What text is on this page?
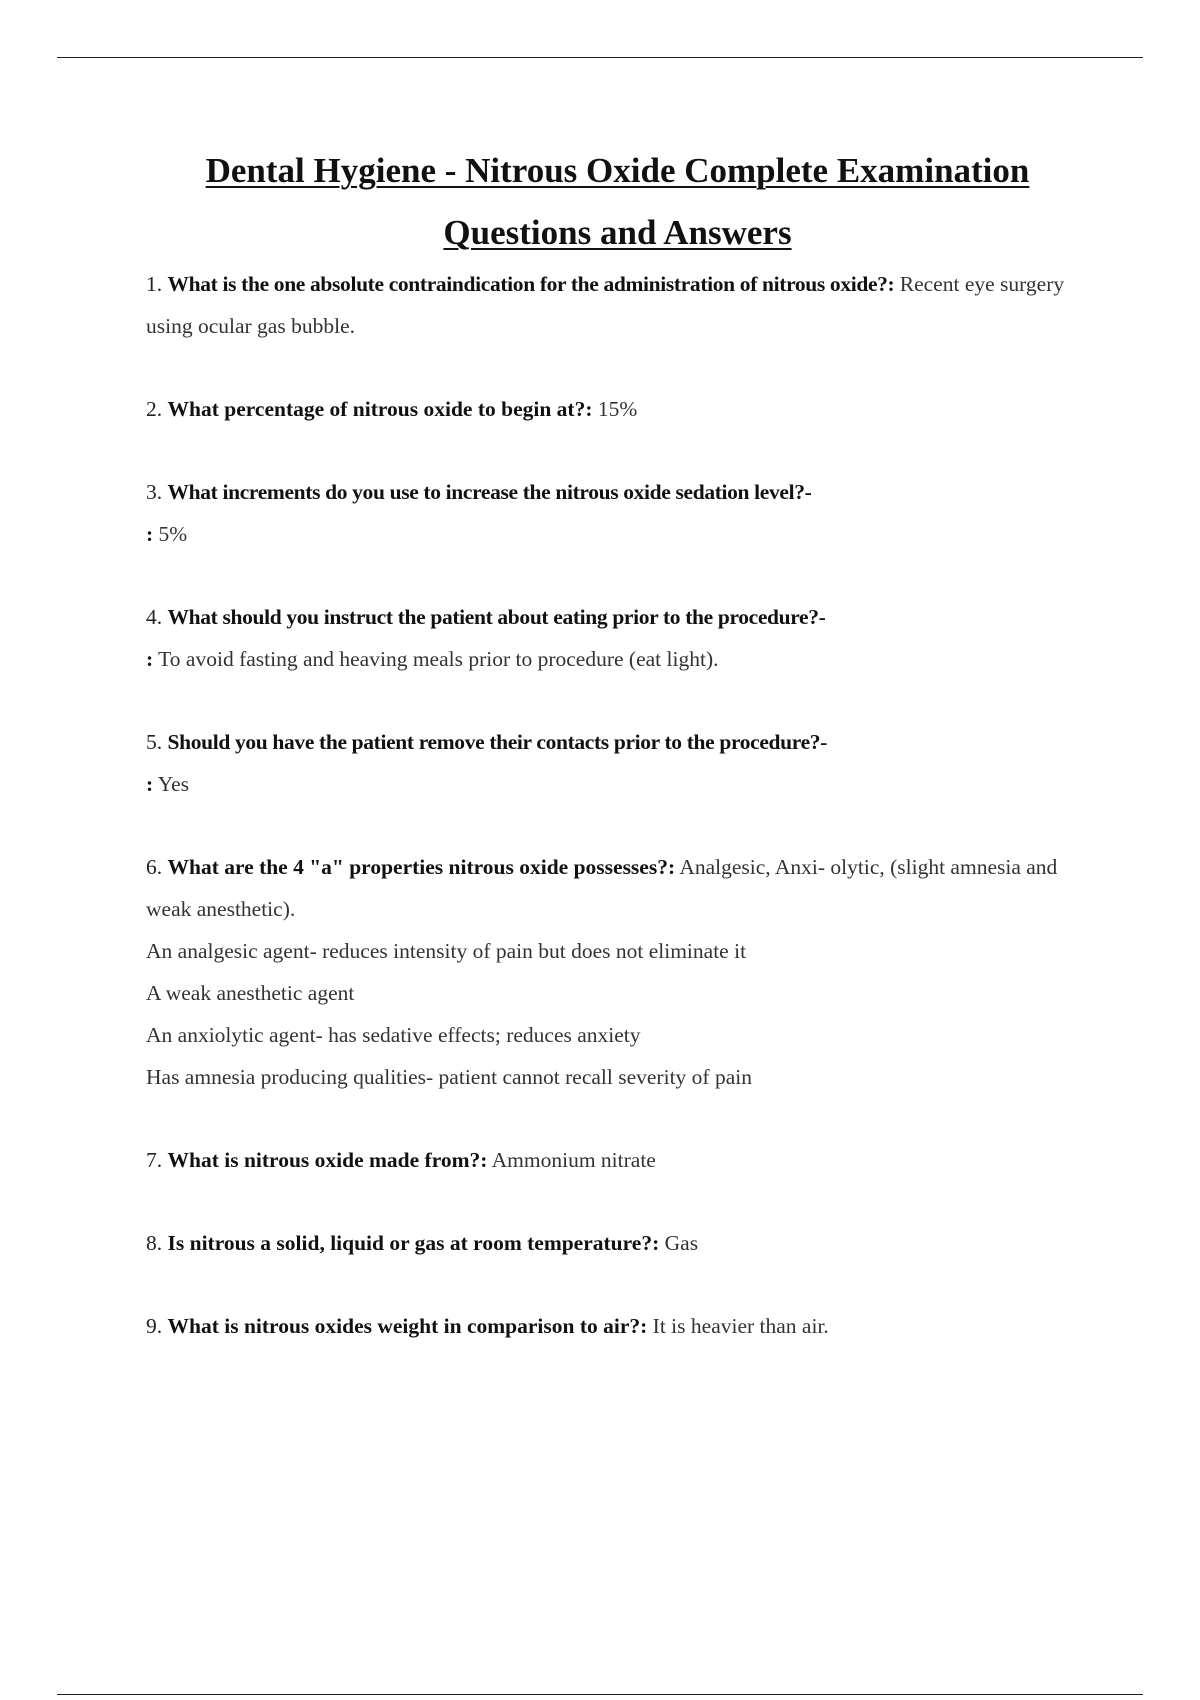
Dental Hygiene - Nitrous Oxide Complete Examination
Questions and Answers
1. What is the one absolute contraindication for the administration of nitrous oxide?: Recent eye surgery using ocular gas bubble.
2. What percentage of nitrous oxide to begin at?: 15%
3. What increments do you use to increase the nitrous oxide sedation level?-
: 5%
4. What should you instruct the patient about eating prior to the procedure?-
: To avoid fasting and heaving meals prior to procedure (eat light).
5. Should you have the patient remove their contacts prior to the procedure?-
: Yes
6. What are the 4 "a" properties nitrous oxide possesses?: Analgesic, Anxi- olytic, (slight amnesia and weak anesthetic).
An analgesic agent- reduces intensity of pain but does not eliminate it
A weak anesthetic agent
An anxiolytic agent- has sedative effects; reduces anxiety
Has amnesia producing qualities- patient cannot recall severity of pain
7. What is nitrous oxide made from?: Ammonium nitrate
8. Is nitrous a solid, liquid or gas at room temperature?: Gas
9. What is nitrous oxides weight in comparison to air?: It is heavier than air.
